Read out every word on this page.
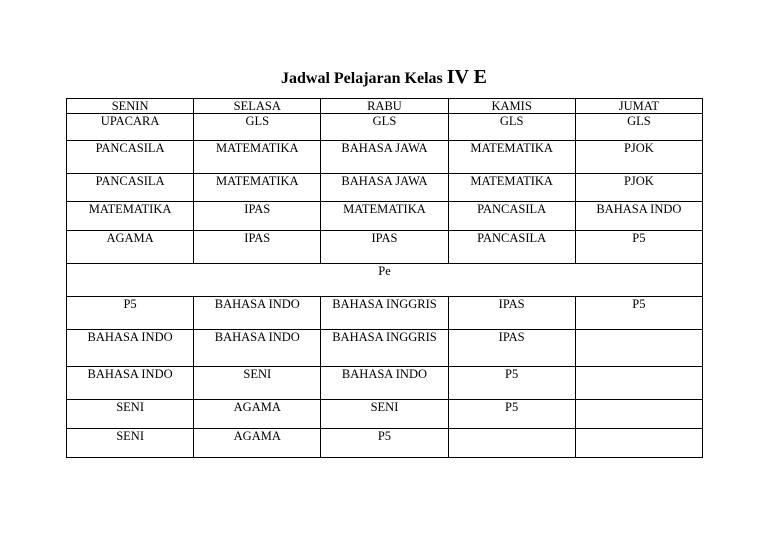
Jadwal Pelajaran Kelas IV E
SENIN	SELASA	RABU	KAMIS	JUMAT
UPACARA	GLS	GLS	GLS	GLS
PANCASILA	MATEMATIKA	BAHASA JAWA	MATEMATIKA	PJOK
PANCASILA	MATEMATIKA	BAHASA JAWA	MATEMATIKA	PJOK
MATEMATIKA	IPAS	MATEMATIKA	PANCASILA	BAHASA INDO
AGAMA	IPAS	IPAS	PANCASILA	P5
Pe				
P5	BAHASA INDO	BAHASA INGGRIS	IPAS	P5
BAHASA INDO	BAHASA INDO	BAHASA INGGRIS	IPAS	
BAHASA INDO	SENI	BAHASA INDO	P5	
SENI	AGAMA	SENI	P5	
SENI	AGAMA	P5		
